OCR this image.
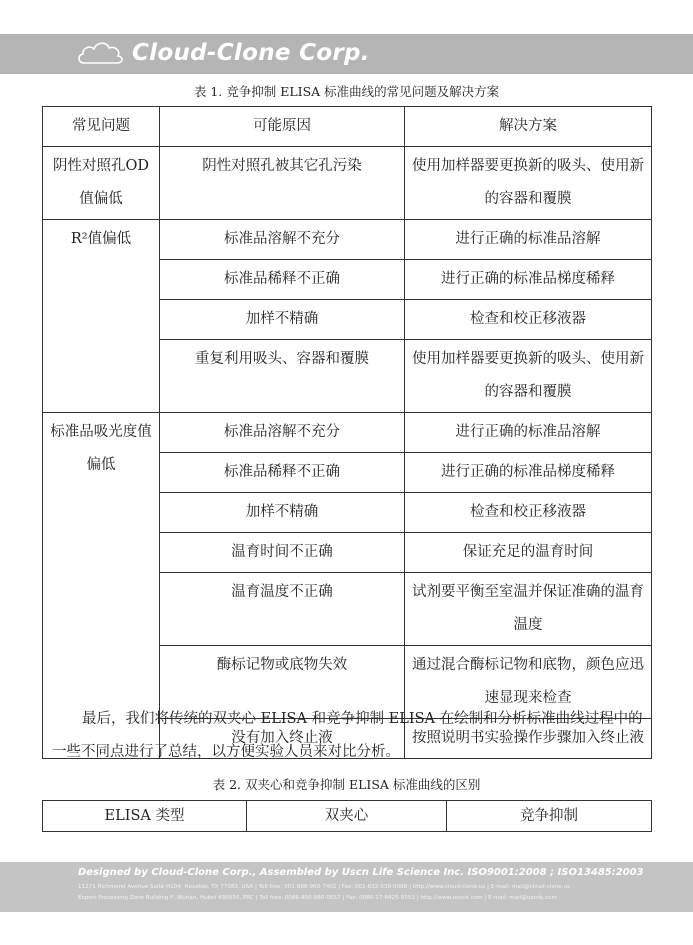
Cloud-Clone Corp.
表 1. 竞争抑制 ELISA 标准曲线的常见问题及解决方案
常见问题	可能原因	解决方案
阴性对照孔OD 值偏低	阴性对照孔被其它孔污染	使用加样器要更换新的吸头、使用新的容器和覆膜
R²值偏低	标准品溶解不充分	进行正确的标准品溶解
	标准品稀释不正确	进行正确的标准品梯度稀释
	加样不精确	检查和校正移液器
	重复利用吸头、容器和覆膜	使用加样器要更换新的吸头、使用新的容器和覆膜
标准品吸光度值偏低	标准品溶解不充分	进行正确的标准品溶解
	标准品稀释不正确	进行正确的标准品梯度稀释
	加样不精确	检查和校正移液器
	温育时间不正确	保证充足的温育时间
	温育温度不正确	试剂要平衡至室温并保证准确的温育温度
	酶标记物或底物失效	通过混合酶标记物和底物，颜色应迅速显现来检查
	没有加入终止液	按照说明书实验操作步骤加入终止液
最后，我们将传统的双夹心 ELISA 和竞争抑制 ELISA 在绘制和分析标准曲线过程中的一些不同点进行了总结，以方便实验人员来对比分析。
表 2. 双夹心和竞争抑制 ELISA 标准曲线的区别
ELISA 类型	双夹心	竞争抑制
Designed by Cloud-Clone Corp., Assembled by Uscn Life Science Inc. ISO9001:2008 ; ISO13485:2003
11271 Richmond Avenue Suite H104, Houston, TX 77082, USA | Toll free: 001-888-960-7402 | Fax: 001-832-538-0088 | http://www.cloud-clone.us | E-mail: mail@cloud-clone.us
Export Processing Zone Building F, Wuhan, Hubei 430056, PRC | Toll free: 0086-400-880-0557 | Fax: 0086-27-8425-9551 | http://www.uscnk.com | E-mail: mail@uscnk.com
